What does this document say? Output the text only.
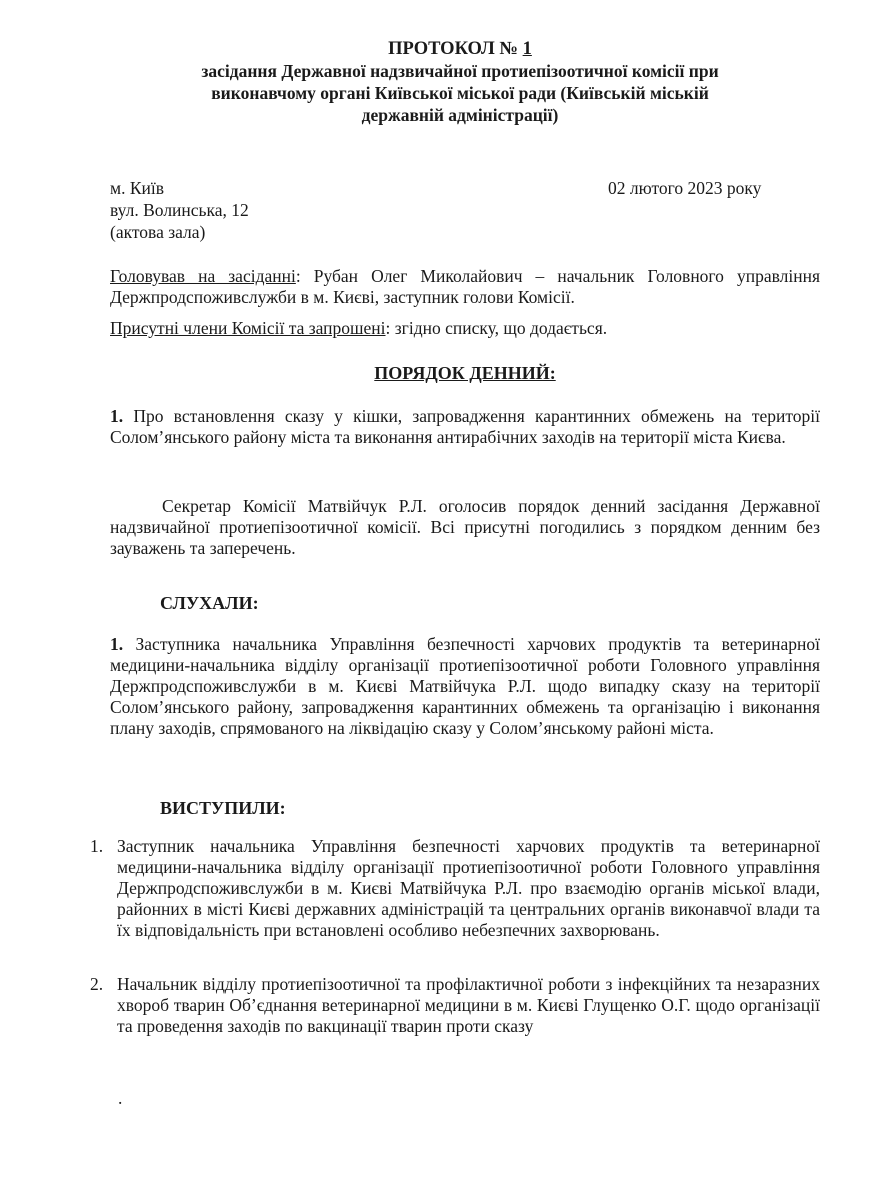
ПРОТОКОЛ № 1
засідання Державної надзвичайної протиепізоотичної комісії при
виконавчому органі Київської міської ради (Київській міській
державній адміністрації)
м. Київ
вул. Волинська, 12
(актова зала)
02 лютого 2023 року
Головував на засіданні: Рубан Олег Миколайович – начальник Головного управління Держпродспоживслужби в м. Києві, заступник голови Комісії.
Присутні члени Комісії та запрошені: згідно списку, що додається.
ПОРЯДОК ДЕННИЙ:
1. Про встановлення сказу у кішки, запровадження карантинних обмежень на території Солом’янського району міста та виконання антирабічних заходів на території міста Києва.
Секретар Комісії Матвійчук Р.Л. оголосив порядок денний засідання Державної надзвичайної протиепізоотичної комісії. Всі присутні погодились з порядком денним без зауважень та заперечень.
СЛУХАЛИ:
1. Заступника начальника Управління безпечності харчових продуктів та ветеринарної медицини-начальника відділу організації протиепізоотичної роботи Головного управління Держпродспоживслужби в м. Києві Матвійчука Р.Л. щодо випадку сказу на території Солом’янського району, запровадження карантинних обмежень та організацію і виконання плану заходів, спрямованого на ліквідацію сказу у Солом’янському районі міста.
ВИСТУПИЛИ:
1. Заступник начальника Управління безпечності харчових продуктів та ветеринарної медицини-начальника відділу організації протиепізоотичної роботи Головного управління Держпродспоживслужби в м. Києві Матвійчука Р.Л. про взаємодію органів міської влади, районних в місті Києві державних адміністрацій та центральних органів виконавчої влади та їх відповідальність при встановлені особливо небезпечних захворювань.
2. Начальник відділу протиепізоотичної та профілактичної роботи з інфекційних та незаразних хвороб тварин Об’єднання ветеринарної медицини в м. Києві Глущенко О.Г. щодо організації та проведення заходів по вакцинації тварин проти сказу
.
